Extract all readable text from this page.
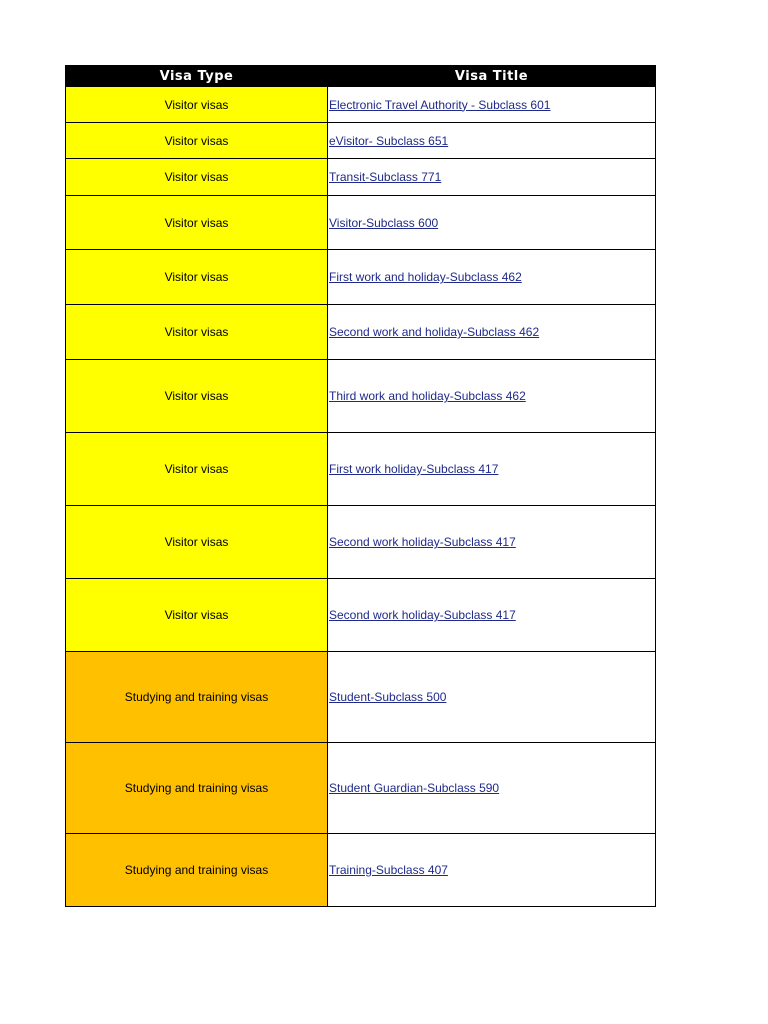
Visa Type	Visa Title
Visitor visas	Electronic Travel Authority - Subclass 601
Visitor visas	eVisitor- Subclass 651
Visitor visas	Transit-Subclass 771
Visitor visas	Visitor-Subclass 600
Visitor visas	First work and holiday-Subclass 462
Visitor visas	Second work and holiday-Subclass 462
Visitor visas	Third work and holiday-Subclass 462
Visitor visas	First work holiday-Subclass 417
Visitor visas	Second work holiday-Subclass 417
Visitor visas	Second work holiday-Subclass 417
Studying and training visas	Student-Subclass 500
Studying and training visas	Student Guardian-Subclass 590
Studying and training visas	Training-Subclass 407
